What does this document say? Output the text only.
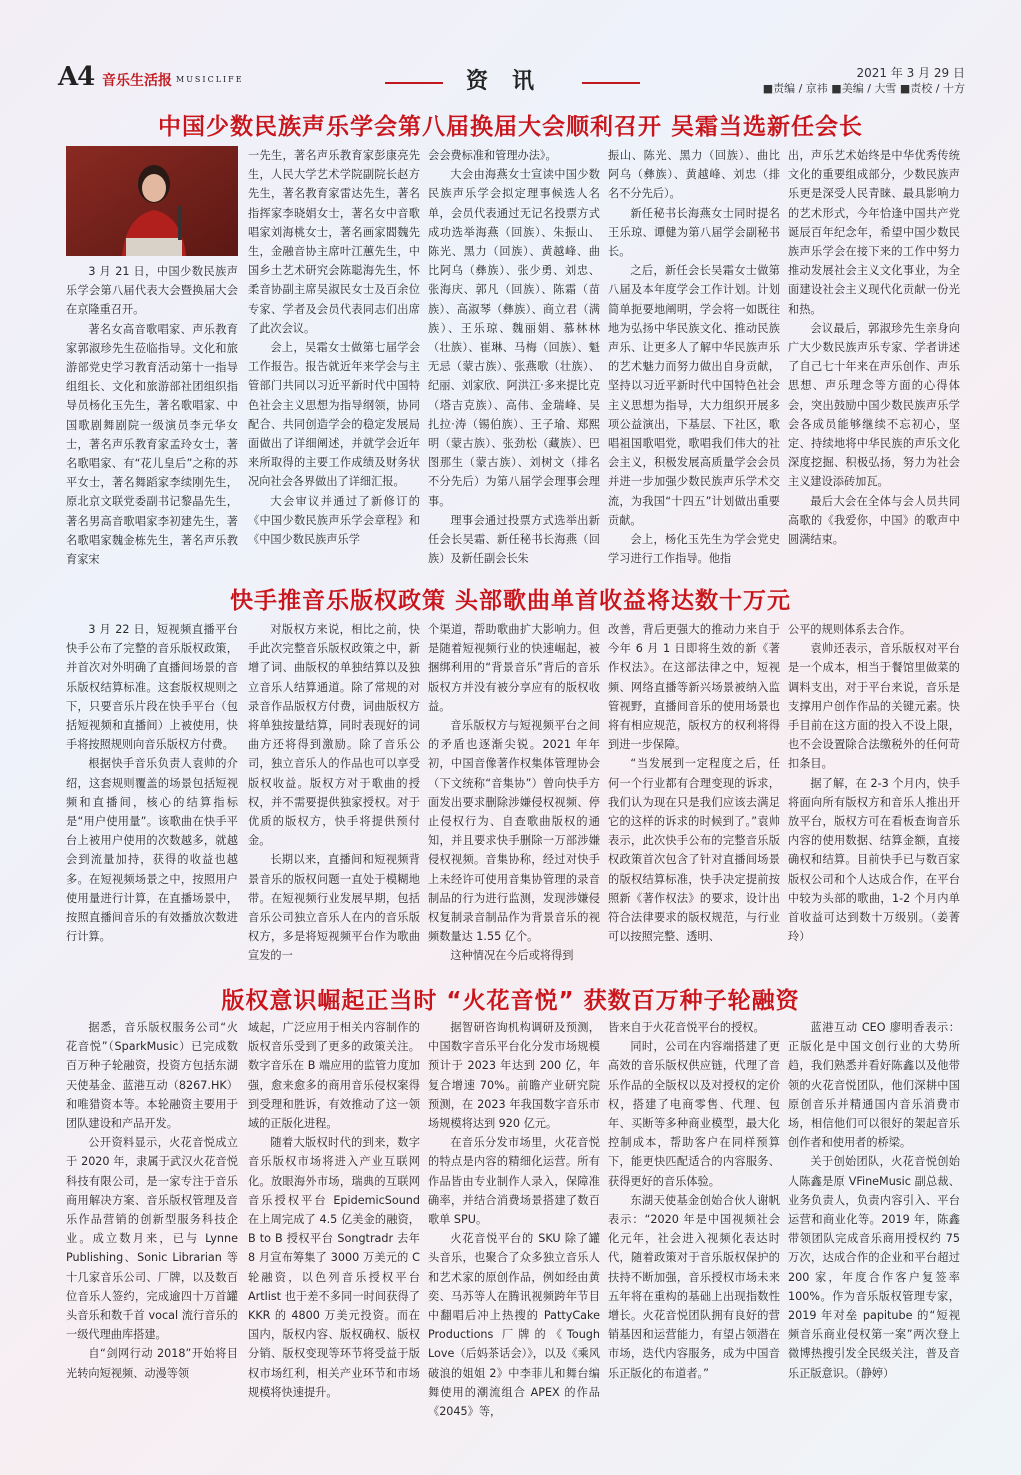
A4 音乐生活报 MUSICLIFE	资讯	2021 年 3 月 29 日
■责编 / 京祎 ■美编 / 大雪 ■责校 / 十方
中国少数民族声乐学会第八届换届大会顺利召开 吴霜当选新任会长

3 月 21 日，中国少数民族声乐学会第八届代表大会暨换届大会在京隆重召开。

著名女高音歌唱家、声乐教育家郭淑珍先生莅临指导。文化和旅游部党史学习教育活动第十一指导组组长、文化和旅游部社团组织指导员杨化玉先生，著名歌唱家、中国歌剧舞剧院一级演员李元华女士，著名声乐教育家孟玲女士，著名歌唱家、有“花儿皇后”之称的苏平女士，著名舞蹈家李续刚先生，原北京文联党委副书记黎晶先生，著名男高音歌唱家李初建先生，著名歌唱家魏金栋先生，著名声乐教育家宋

一先生，著名声乐教育家彭康亮先生，人民大学艺术学院副院长赵方先生，著名教育家雷达先生，著名指挥家李晓娟女士，著名女中音歌唱家刘海桃女士，著名画家閻魏先生，金融音协主席叶江蕙先生，中国乡土艺术研究会陈聪海先生，怀柔音协副主席吴淑民女士及百余位专家、学者及会员代表同志们出席了此次会议。

会上，吴霜女士做第七届学会工作报告。报告就近年来学会与主管部门共同以习近平新时代中国特色社会主义思想为指导纲领，协同配合、共同创造学会的稳定发展局面做出了详细阐述，并就学会近年来所取得的主要工作成绩及财务状况向社会各界做出了详细汇报。

大会审议并通过了新修订的《中国少数民族声乐学会章程》和《中国少数民族声乐学

会会费标准和管理办法》。

大会由海燕女士宣读中国少数民族声乐学会拟定理事候选人名单，会员代表通过无记名投票方式成功选举海燕（回族）、朱振山、陈光、黑力（回族）、黄越峰、曲比阿乌（彝族）、张少勇、刘忠、张海庆、郭凡（回族）、陈霜（苗族）、高淑琴（彝族）、商立君（满族）、王乐琼、魏丽娟、慕林林（壮族）、崔琳、马梅（回族）、魁无忌（蒙古族）、张燕歌（壮族）、纪丽、刘家欣、阿洪江·多来提比克（塔吉克族）、高伟、金瑞峰、吴扎拉·涛（锡伯族）、王子瑜、郑熙明（蒙古族）、张劲松（藏族）、巴图那生（蒙古族）、刘树文（排名不分先后）为第八届学会理事会理事。

理事会通过投票方式选举出新任会长吴霜、新任秘书长海燕（回族）及新任副会长朱

振山、陈光、黑力（回族）、曲比阿乌（彝族）、黄越峰、刘忠（排名不分先后）。

新任秘书长海燕女士同时提名王乐琼、谭健为第八届学会副秘书长。

之后，新任会长吴霜女士做第八届及本年度学会工作计划。计划简单扼要地阐明，学会将一如既往地为弘扬中华民族文化、推动民族声乐、让更多人了解中华民族声乐的艺术魅力而努力做出自身贡献，坚持以习近平新时代中国特色社会主义思想为指导，大力组织开展多项公益演出，下基层、下社区，歌唱祖国歌唱党，歌唱我们伟大的社会主义，积极发展高质量学会会员并进一步加强少数民族声乐学术交流，为我国“十四五”计划做出重要贡献。

会上，杨化玉先生为学会党史学习进行工作指导。他指

出，声乐艺术始终是中华优秀传统文化的重要组成部分，少数民族声乐更是深受人民青睐、最具影响力的艺术形式，今年恰逢中国共产党诞辰百年纪念年，希望中国少数民族声乐学会在接下来的工作中努力推动发展社会主义文化事业，为全面建设社会主义现代化贡献一份光和热。

会议最后，郭淑珍先生亲身向广大少数民族声乐专家、学者讲述了自己七十年来在声乐创作、声乐思想、声乐理念等方面的心得体会，突出鼓励中国少数民族声乐学会各成员能够继续不忘初心，坚定、持续地将中华民族的声乐文化深度挖掘、积极弘扬，努力为社会主义建设添砖加瓦。

最后大会在全体与会人员共同高歌的《我爱你，中国》的歌声中圆满结束。

快手推音乐版权政策 头部歌曲单首收益将达数十万元

3 月 22 日，短视频直播平台快手公布了完整的音乐版权政策，并首次对外明确了直播间场景的音乐版权结算标准。这套版权规则之下，只要音乐片段在快手平台（包括短视频和直播间）上被使用，快手将按照规则向音乐版权方付费。

根据快手音乐负责人袁帅的介绍，这套规则覆盖的场景包括短视频和直播间，核心的结算指标是“用户使用量”。该歌曲在快手平台上被用户使用的次数越多，就越会到流量加持，获得的收益也越多。在短视频场景之中，按照用户使用量进行计算，在直播场景中，按照直播间音乐的有效播放次数进行计算。

对版权方来说，相比之前，快手此次完整音乐版权政策之中，新增了词、曲版权的单独结算以及独立音乐人结算通道。除了常规的对录音作品版权方付费，词曲版权方将单独按量结算，同时表现好的词曲方还将得到激励。除了音乐公司，独立音乐人的作品也可以享受版权收益。版权方对于歌曲的授权，并不需要提供独家授权。对于优质的版权方，快手将提供预付金。

长期以来，直播间和短视频背景音乐的版权问题一直处于模糊地带。在短视频行业发展早期，包括音乐公司独立音乐人在内的音乐版权方，多是将短视频平台作为歌曲宣发的一

个渠道，帮助歌曲扩大影响力。但是随着短视频行业的快速崛起，被捆绑利用的“背景音乐”背后的音乐版权方并没有被分享应有的版权收益。

音乐版权方与短视频平台之间的矛盾也逐渐尖锐。2021 年年初，中国音像著作权集体管理协会（下文统称“音集协”）曾向快手方面发出要求删除涉嫌侵权视频、停止侵权行为、自查歌曲版权的通知，并且要求快手删除一万部涉嫌侵权视频。音集协称，经过对快手上未经许可使用音集协管理的录音制品的行为进行监测，发现涉嫌侵权复制录音制品作为背景音乐的视频数量达 1.55 亿个。

这种情况在今后或将得到

改善，背后更强大的推动力来自于今年 6 月 1 日即将生效的新《著作权法》。在这部法律之中，短视频、网络直播等新兴场景被纳入监管视野，直播间音乐的使用场景也将有相应规范，版权方的权利将得到进一步保障。

“当发展到一定程度之后，任何一个行业都有合理变现的诉求，我们认为现在只是我们应该去满足它的这样的诉求的时候到了。”袁帅表示，此次快手公布的完整音乐版权政策首次包含了针对直播间场景的版权结算标准，快手决定提前按照新《著作权法》的要求，设计出符合法律要求的版权规范，与行业可以按照完整、透明、

公平的规则体系去合作。

袁帅还表示，音乐版权对平台是一个成本，相当于餐馆里做菜的调料支出，对于平台来说，音乐是支撑用户创作作品的关键元素。快手目前在这方面的投入不设上限，也不会设置除合法缴税外的任何苛扣条目。

据了解，在 2-3 个月内，快手将面向所有版权方和音乐人推出开放平台，版权方可在看板查询音乐内容的使用数据、结算金额，直接确权和结算。目前快手已与数百家版权公司和个人达成合作，在平台中较为头部的歌曲，1-2 个月内单首收益可达到数十万级别。（姜菁玲）

版权意识崛起正当时 “火花音悦” 获数百万种子轮融资

据悉，音乐版权服务公司“火花音悦”（SparkMusic）已完成数百万种子轮融资，投资方包括东湖天使基金、蓝港互动（8267.HK）和唯猎资本等。本轮融资主要用于团队建设和产品开发。

公开资料显示，火花音悦成立于 2020 年，隶属于武汉火花音悦科技有限公司，是一家专注于音乐商用解决方案、音乐版权管理及音乐作品营销的创新型服务科技企业。成立数月来，已与 Lynne Publishing、Sonic Librarian 等十几家音乐公司、厂牌，以及数百位音乐人签约，完成逾四十万首罐头音乐和数千首 vocal 流行音乐的一级代理曲库搭建。

自“剑网行动 2018”开始将目光转向短视频、动漫等领

域起，广泛应用于相关内容制作的版权音乐受到了更多的政策关注。数字音乐在 B 端应用的监管力度加强，愈来愈多的商用音乐侵权案得到受理和胜诉，有效推动了这一领域的正版化进程。

随着大版权时代的到来，数字音乐版权市场将进入产业互联网化。放眼海外市场，瑞典的互联网音乐授权平台 EpidemicSound 在上周完成了 4.5 亿美金的融资，B to B 授权平台 Songtradr 去年 8 月宣布筹集了 3000 万美元的 C 轮融资，以色列音乐授权平台 Artlist 也于差不多同一时间获得了 KKR 的 4800 万美元投资。而在国内，版权内容、版权确权、版权分销、版权变现等环节将受益于版权市场红利，相关产业环节和市场规模将快速提升。

据智研咨询机构调研及预测，中国数字音乐平台化分发市场规模预计于 2023 年达到 200 亿，年复合增速 70%。前瞻产业研究院预测，在 2023 年我国数字音乐市场规模将达到 920 亿元。

在音乐分发市场里，火花音悦的特点是内容的精细化运营。所有作品皆由专业制作人录入，保障准确率，并结合消费场景搭建了数百歌单 SPU。

火花音悦平台的 SKU 除了罐头音乐，也聚合了众多独立音乐人和艺术家的原创作品，例如经由黄奕、马苏等人在腾讯视频跨年节目中翻唱后冲上热搜的 PattyCake Productions 厂牌的《Tough Love（后妈茶话会）》，以及《乘风破浪的姐姐 2》中李菲儿和舞台编舞使用的潮流组合 APEX 的作品《2045》等，

皆来自于火花音悦平台的授权。

同时，公司在内容端搭建了更高效的音乐版权供应链，代理了音乐作品的全版权以及对授权的定价权，搭建了电商零售、代理、包年、买断等多种商业模型，最大化控制成本，帮助客户在同样预算下，能更快匹配适合的内容服务、获得更好的音乐体验。

东湖天使基金创始合伙人谢帆表示：“2020 年是中国视频社会化元年，社会进入视频化表达时代，随着政策对于音乐版权保护的扶持不断加强，音乐授权市场未来五年将在重构的基础上出现指数性增长。火花音悦团队拥有良好的营销基因和运营能力，有望占领潜在市场，迭代内容服务，成为中国音乐正版化的布道者。”

蓝港互动 CEO 廖明香表示：正版化是中国文创行业的大势所趋，我们熟悉并看好陈鑫以及他带领的火花音悦团队，他们深耕中国原创音乐并精通国内音乐消费市场，相信他们可以很好的架起音乐创作者和使用者的桥梁。

关于创始团队，火花音悦创始人陈鑫是原 VFineMusic 副总裁、业务负责人，负责内容引入、平台运营和商业化等。2019 年，陈鑫带领团队完成音乐商用授权约 75 万次，达成合作的企业和平台超过 200 家，年度合作客户复签率 100%。作为音乐版权管理专家，2019 年对垒 papitube 的“短视频音乐商业侵权第一案”两次登上微博热搜引发全民级关注，普及音乐正版意识。（静婷）
